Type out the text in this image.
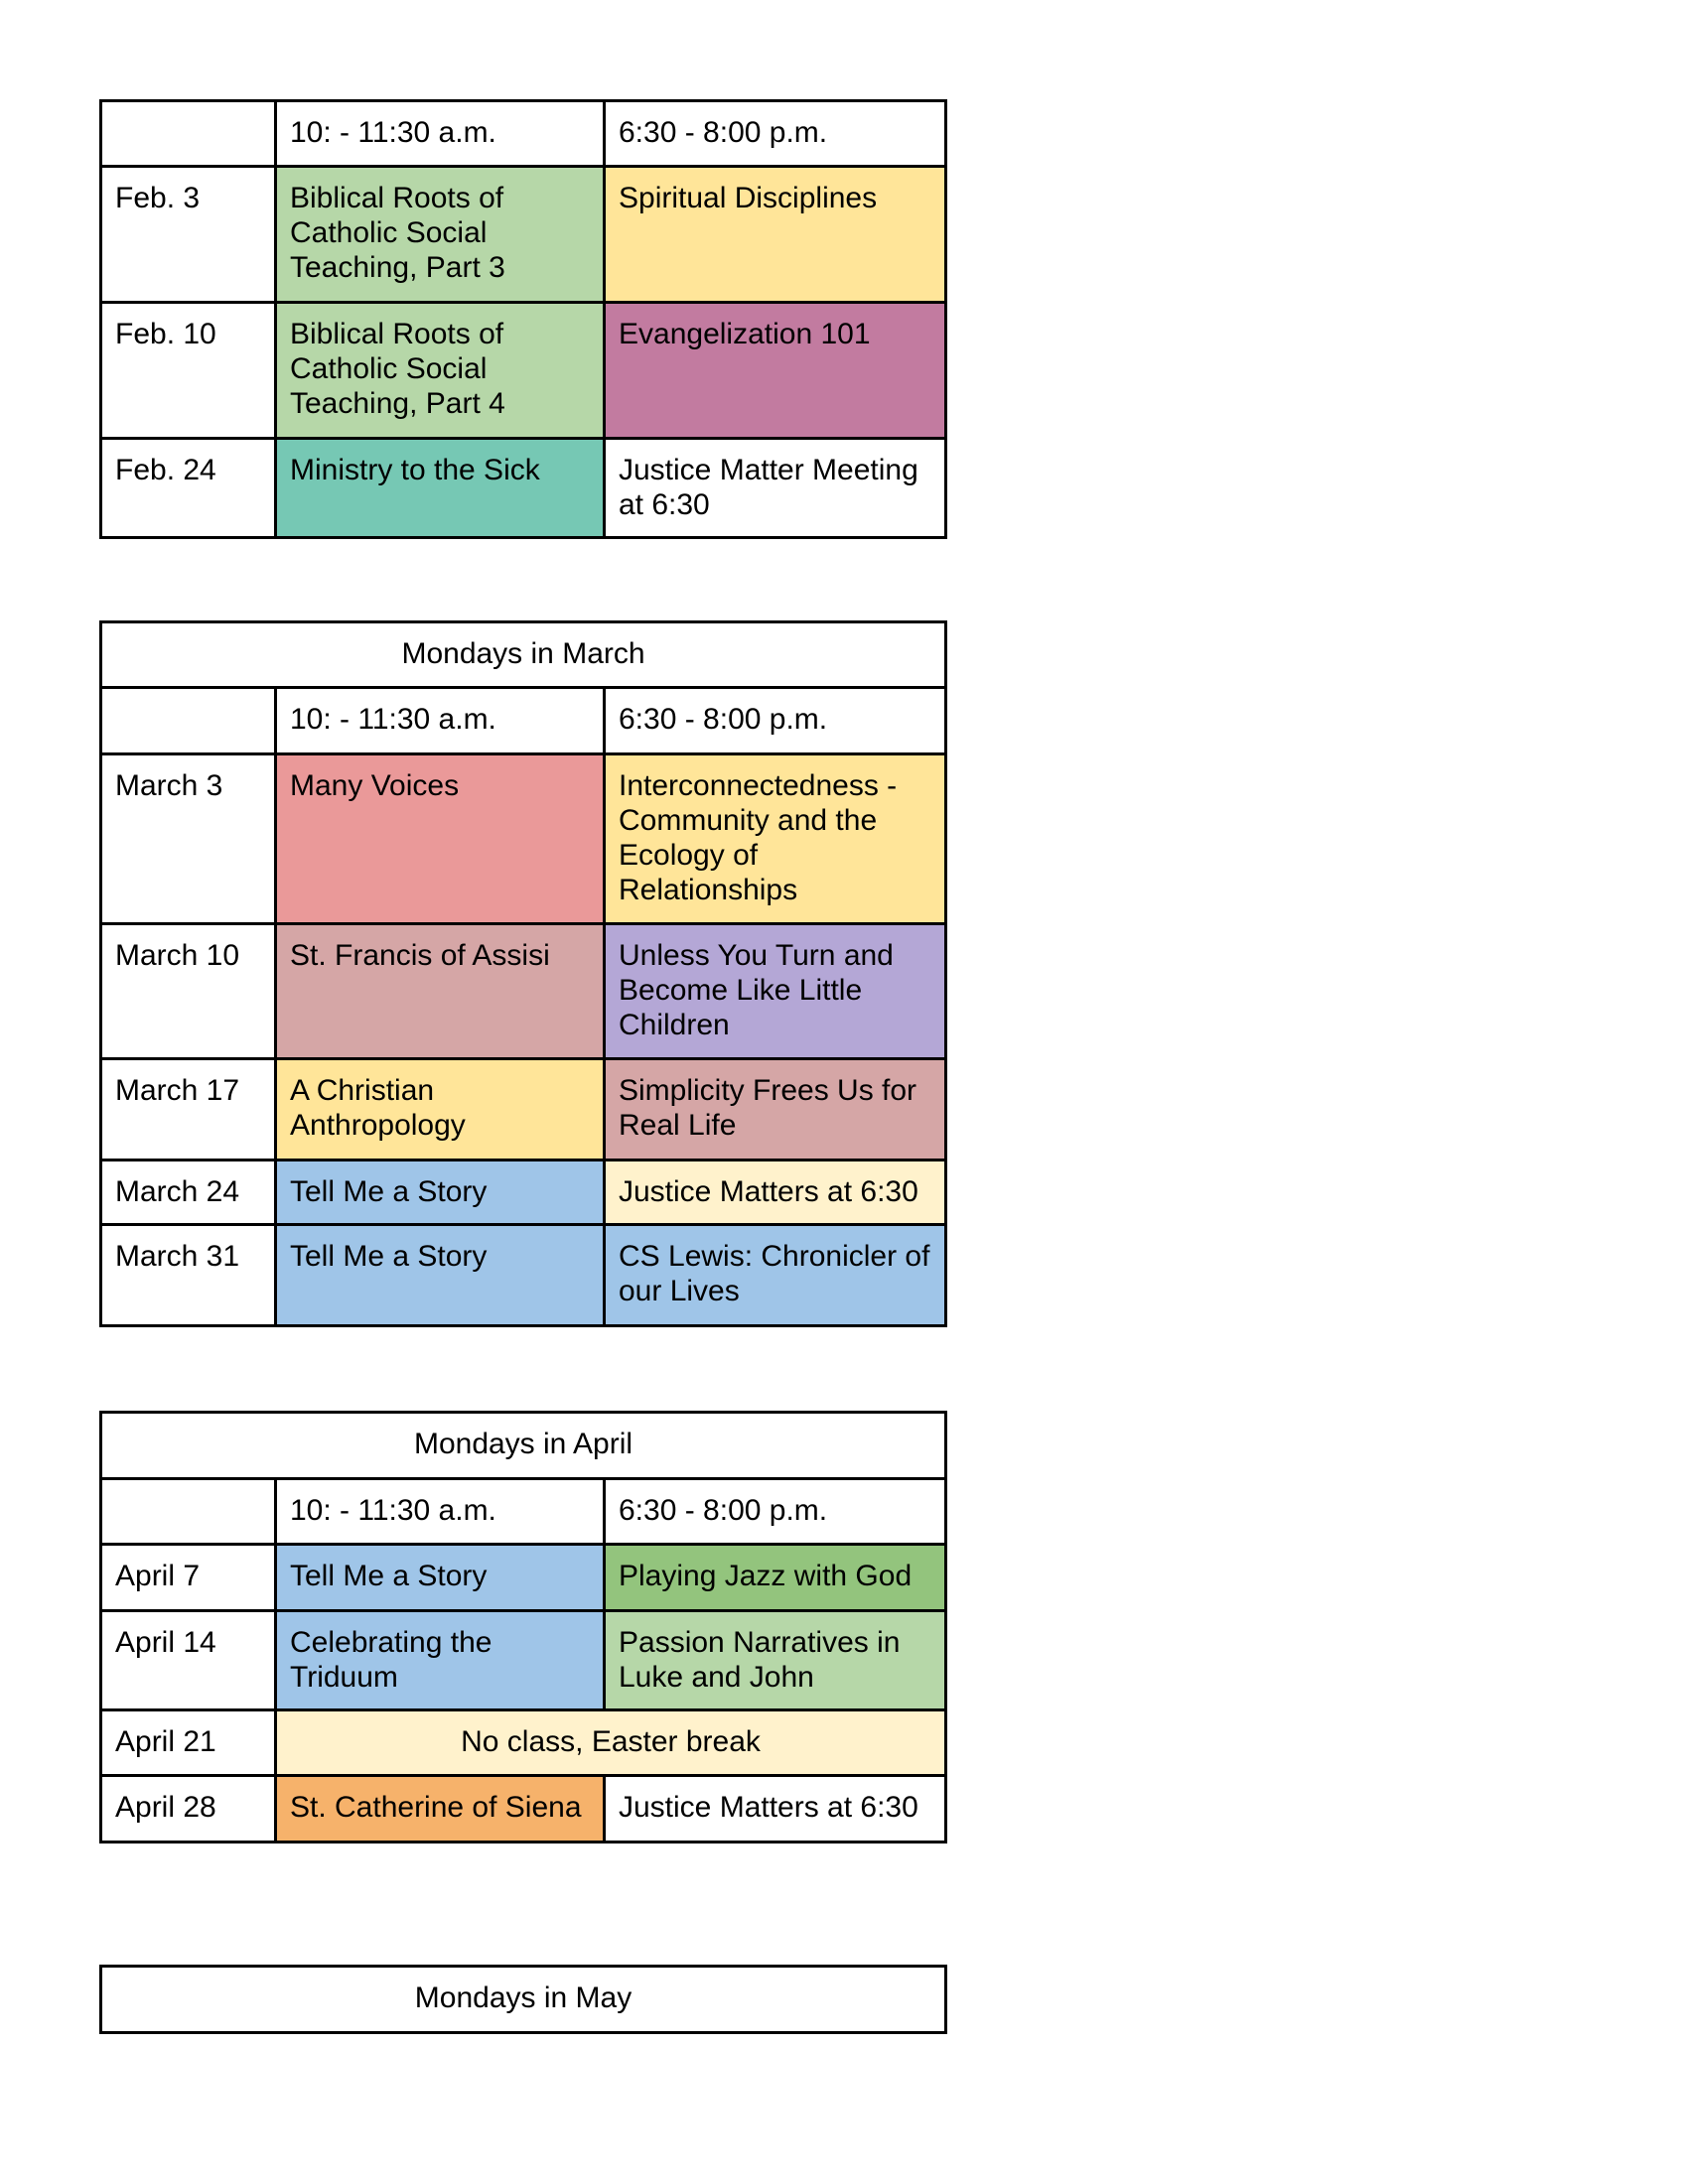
	10: - 11:30 a.m.	6:30 - 8:00 p.m.
Feb. 3	Biblical Roots of Catholic Social Teaching, Part 3	Spiritual Disciplines
Feb. 10	Biblical Roots of Catholic Social Teaching, Part 4	Evangelization 101
Feb. 24	Ministry to the Sick	Justice Matter Meeting at 6:30
Mondays in March		
	10: - 11:30 a.m.	6:30 - 8:00 p.m.
March 3	Many Voices	Interconnectedness - Community and the Ecology of Relationships
March 10	St. Francis of Assisi	Unless You Turn and Become Like Little Children
March 17	A Christian Anthropology	Simplicity Frees Us for Real Life
March 24	Tell Me a Story	Justice Matters at 6:30
March 31	Tell Me a Story	CS Lewis: Chronicler of our Lives
Mondays in April		
	10: - 11:30 a.m.	6:30 - 8:00 p.m.
April 7	Tell Me a Story	Playing Jazz with God
April 14	Celebrating the Triduum	Passion Narratives in Luke and John
April 21	No class, Easter break	
April 28	St. Catherine of Siena	Justice Matters at 6:30
Mondays in May
